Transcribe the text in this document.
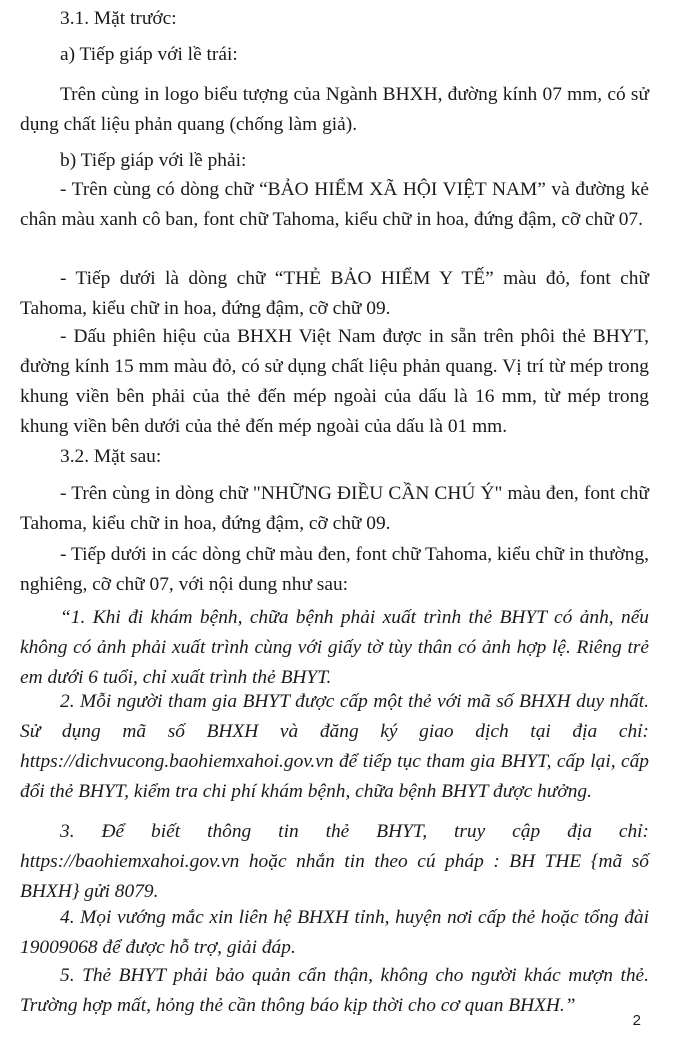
3.1. Mặt trước:

a) Tiếp giáp với lề trái:

Trên cùng in logo biểu tượng của Ngành BHXH, đường kính 07 mm, có sử dụng chất liệu phản quang (chống làm giả).

b) Tiếp giáp với lề phải:

- Trên cùng có dòng chữ “BẢO HIỂM XÃ HỘI VIỆT NAM” và đường kẻ chân màu xanh cô ban, font chữ Tahoma, kiểu chữ in hoa, đứng đậm, cỡ chữ 07.

- Tiếp dưới là dòng chữ “THẺ BẢO HIỂM Y TẾ” màu đỏ, font chữ Tahoma, kiểu chữ in hoa, đứng đậm, cỡ chữ 09.

- Dấu phiên hiệu của BHXH Việt Nam được in sẵn trên phôi thẻ BHYT, đường kính 15 mm màu đỏ, có sử dụng chất liệu phản quang. Vị trí từ mép trong khung viền bên phải của thẻ đến mép ngoài của dấu là 16 mm, từ mép trong khung viền bên dưới của thẻ đến mép ngoài của dấu là 01 mm.

3.2. Mặt sau:

- Trên cùng in dòng chữ "NHỮNG ĐIỀU CẦN CHÚ Ý" màu đen, font chữ Tahoma, kiểu chữ in hoa, đứng đậm, cỡ chữ 09.

- Tiếp dưới in các dòng chữ màu đen, font chữ Tahoma, kiểu chữ in thường, nghiêng, cỡ chữ 07, với nội dung như sau:

“1. Khi đi khám bệnh, chữa bệnh phải xuất trình thẻ BHYT có ảnh, nếu không có ảnh phải xuất trình cùng với giấy tờ tùy thân có ảnh hợp lệ. Riêng trẻ em dưới 6 tuổi, chỉ xuất trình thẻ BHYT.

2. Mỗi người tham gia BHYT được cấp một thẻ với mã số BHXH duy nhất. Sử dụng mã số BHXH và đăng ký giao dịch tại địa chỉ: https://dichvucong.baohiemxahoi.gov.vn để tiếp tục tham gia BHYT, cấp lại, cấp đổi thẻ BHYT, kiểm tra chi phí khám bệnh, chữa bệnh BHYT được hưởng.

3. Để biết thông tin thẻ BHYT, truy cập địa chỉ: https://baohiemxahoi.gov.vn hoặc nhắn tin theo cú pháp : BH THE {mã số BHXH} gửi 8079.

4. Mọi vướng mắc xin liên hệ BHXH tỉnh, huyện nơi cấp thẻ hoặc tổng đài 19009068 để được hỗ trợ, giải đáp.

5. Thẻ BHYT phải bảo quản cẩn thận, không cho người khác mượn thẻ. Trường hợp mất, hỏng thẻ cần thông báo kịp thời cho cơ quan BHXH.”

2
